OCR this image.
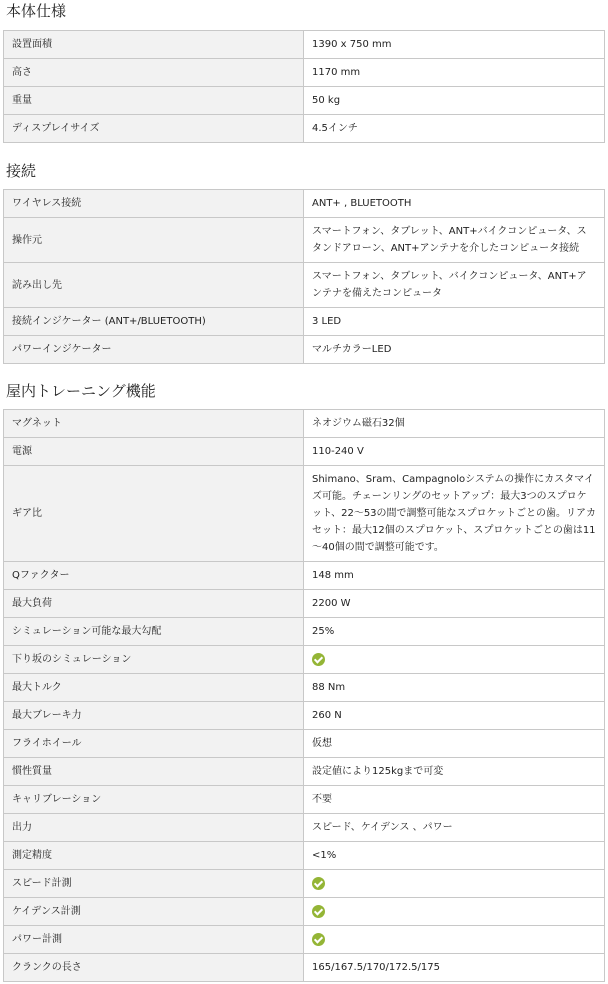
本体仕様
設置面積	1390 x 750 mm
高さ	1170 mm
重量	50 kg
ディスプレイサイズ	4.5インチ
接続
ワイヤレス接続	ANT+ , BLUETOOTH
操作元	スマートフォン、タブレット、ANT+バイクコンピュータ、スタンドアローン、ANT+アンテナを介したコンピュータ接続
読み出し先	スマートフォン、タブレット、バイクコンピュータ、ANT+アンテナを備えたコンピュータ
接続インジケーター (ANT+/BLUETOOTH)	3 LED
パワーインジケーター	マルチカラーLED
屋内トレーニング機能
マグネット	ネオジウム磁石32個
電源	110-240 V
ギア比	Shimano、Sram、Campagnoloシステムの操作にカスタマイズ可能。チェーンリングのセットアップ：最大3つのスプロケット、22～53の間で調整可能なスプロケットごとの歯。リアカセット：最大12個のスプロケット、スプロケットごとの歯は11～40個の間で調整可能です。
Qファクター	148 mm
最大負荷	2200 W
シミュレーション可能な最大勾配	25%
下り坂のシミュレーション	
最大トルク	88 Nm
最大ブレーキ力	260 N
フライホイール	仮想
慣性質量	設定値により125kgまで可変
キャリブレーション	不要
出力	スピード、ケイデンス 、パワー
測定精度	<1%
スピード計測	
ケイデンス計測	
パワー計測	
クランクの長さ	165/167.5/170/172.5/175
